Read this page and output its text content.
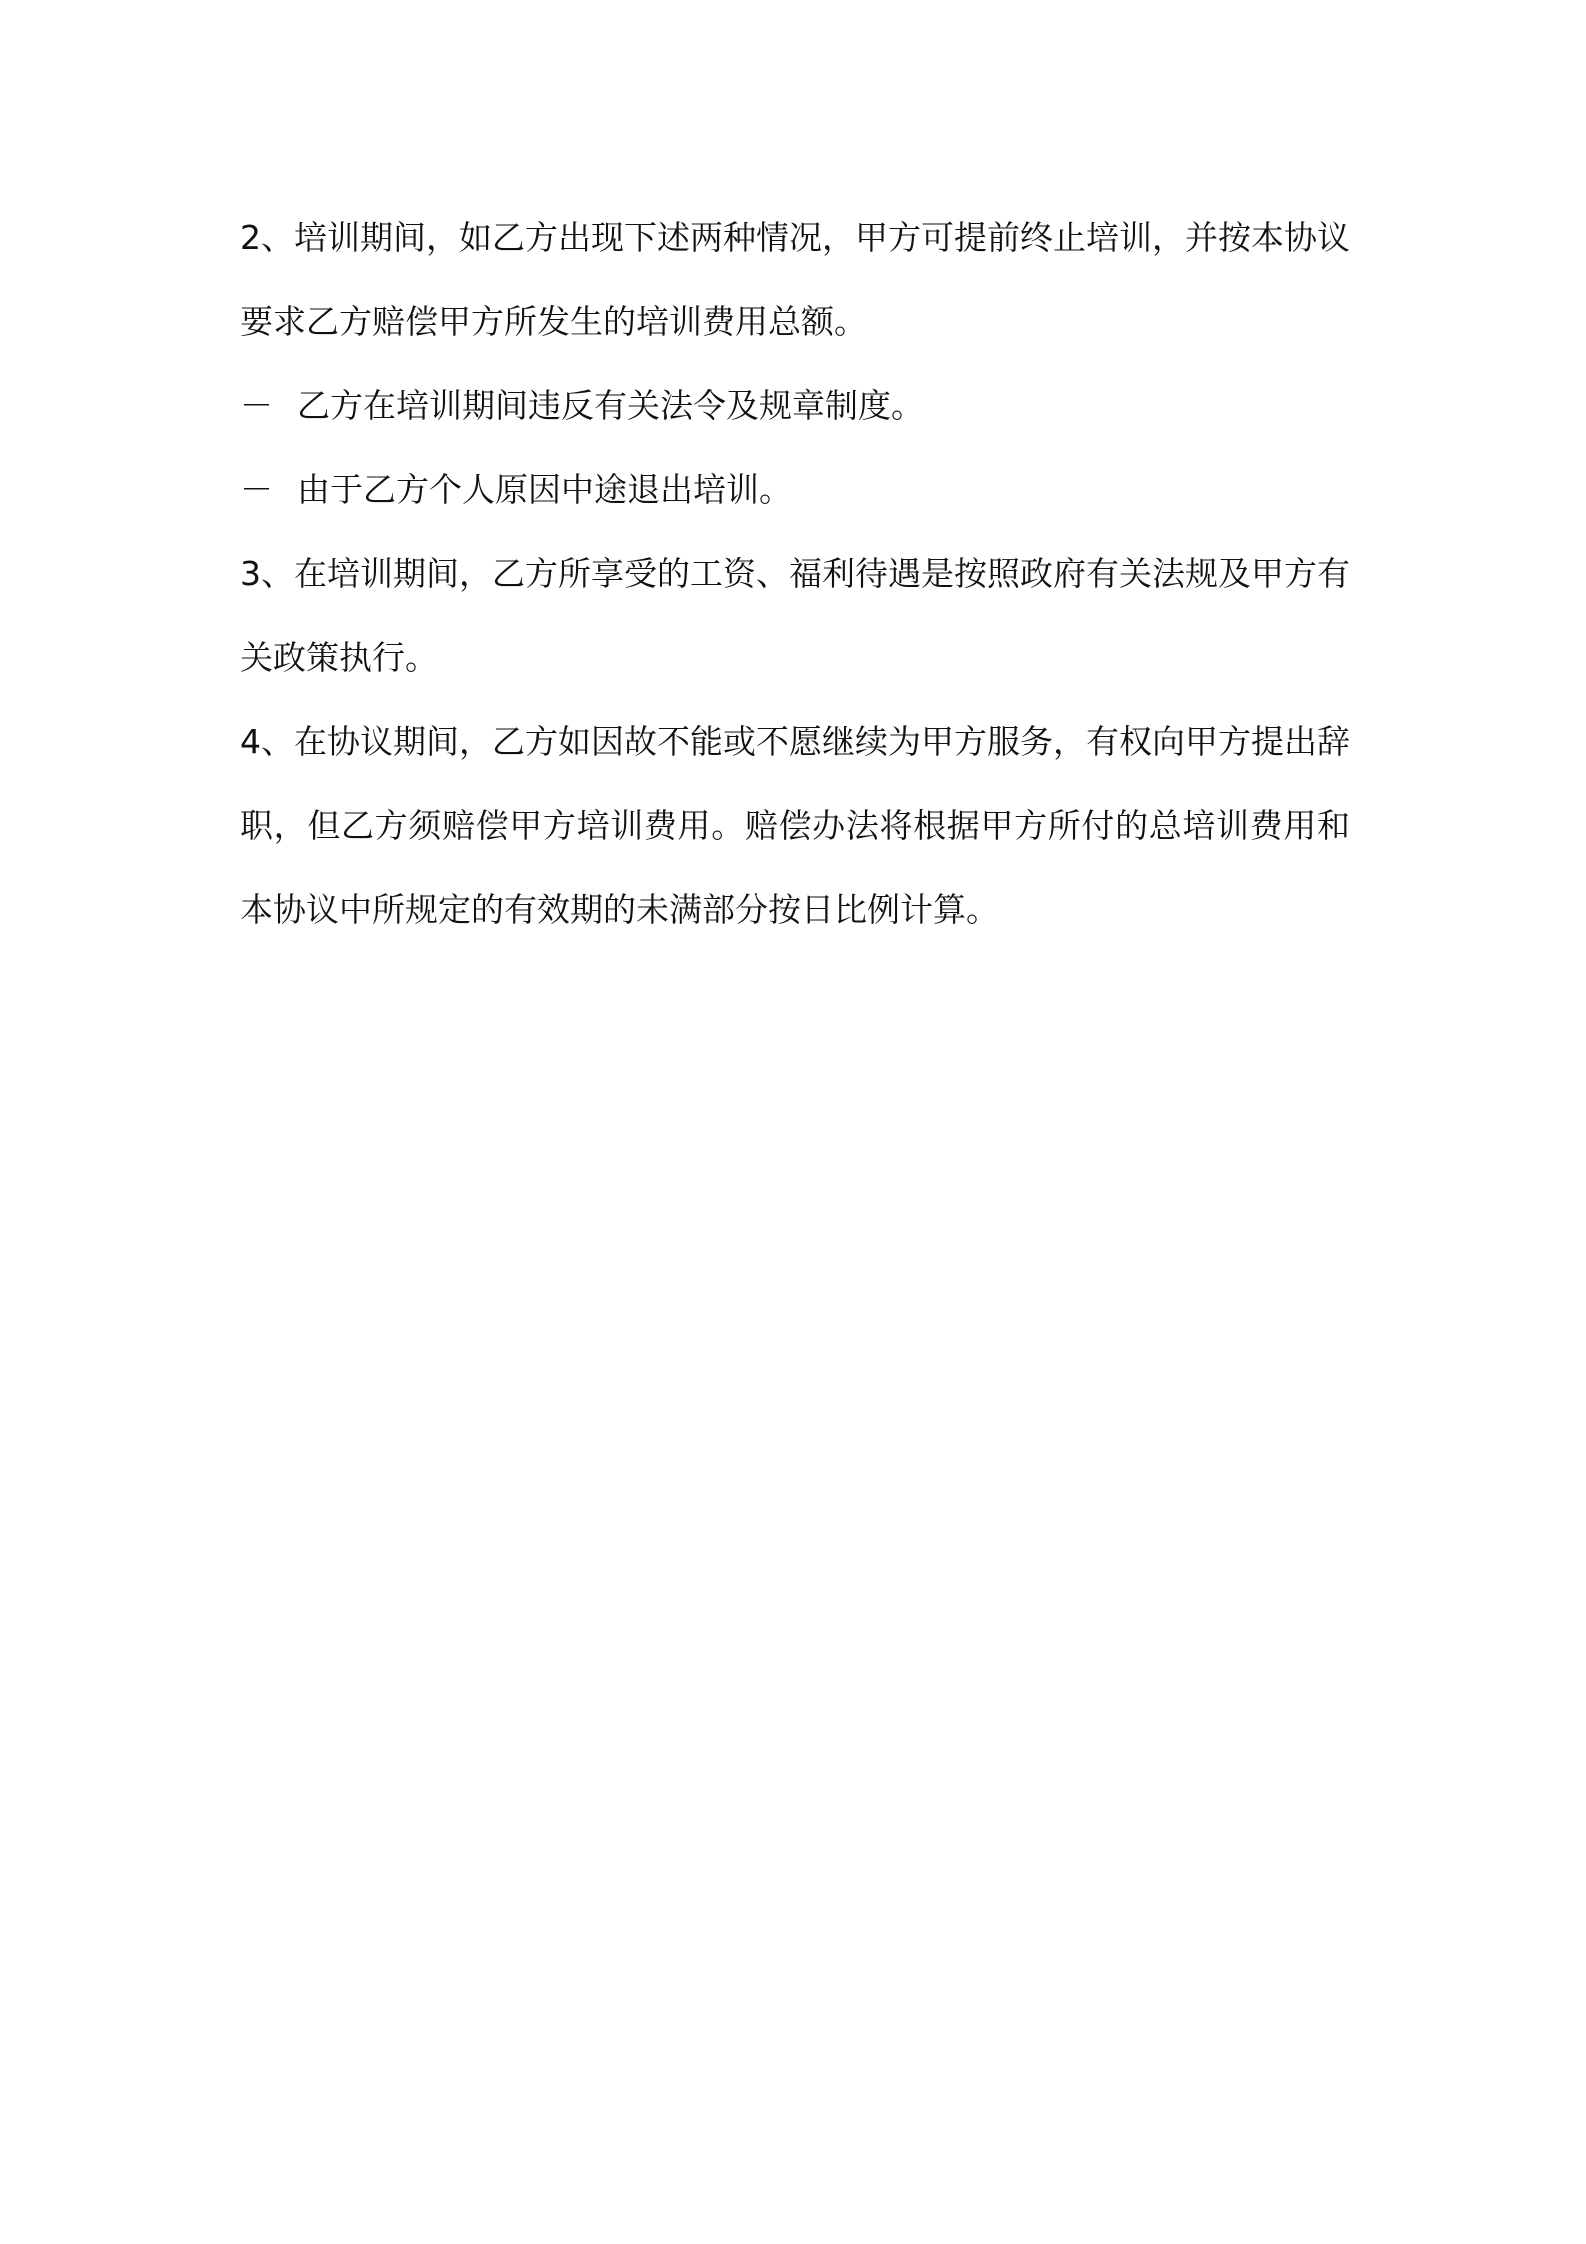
2、培训期间，如乙方出现下述两种情况，甲方可提前终止培训，并按本协议要求乙方赔偿甲方所发生的培训费用总额。

－ 乙方在培训期间违反有关法令及规章制度。

－ 由于乙方个人原因中途退出培训。

3、在培训期间，乙方所享受的工资、福利待遇是按照政府有关法规及甲方有关政策执行。

4、在协议期间，乙方如因故不能或不愿继续为甲方服务，有权向甲方提出辞职，但乙方须赔偿甲方培训费用。赔偿办法将根据甲方所付的总培训费用和本协议中所规定的有效期的未满部分按日比例计算。
